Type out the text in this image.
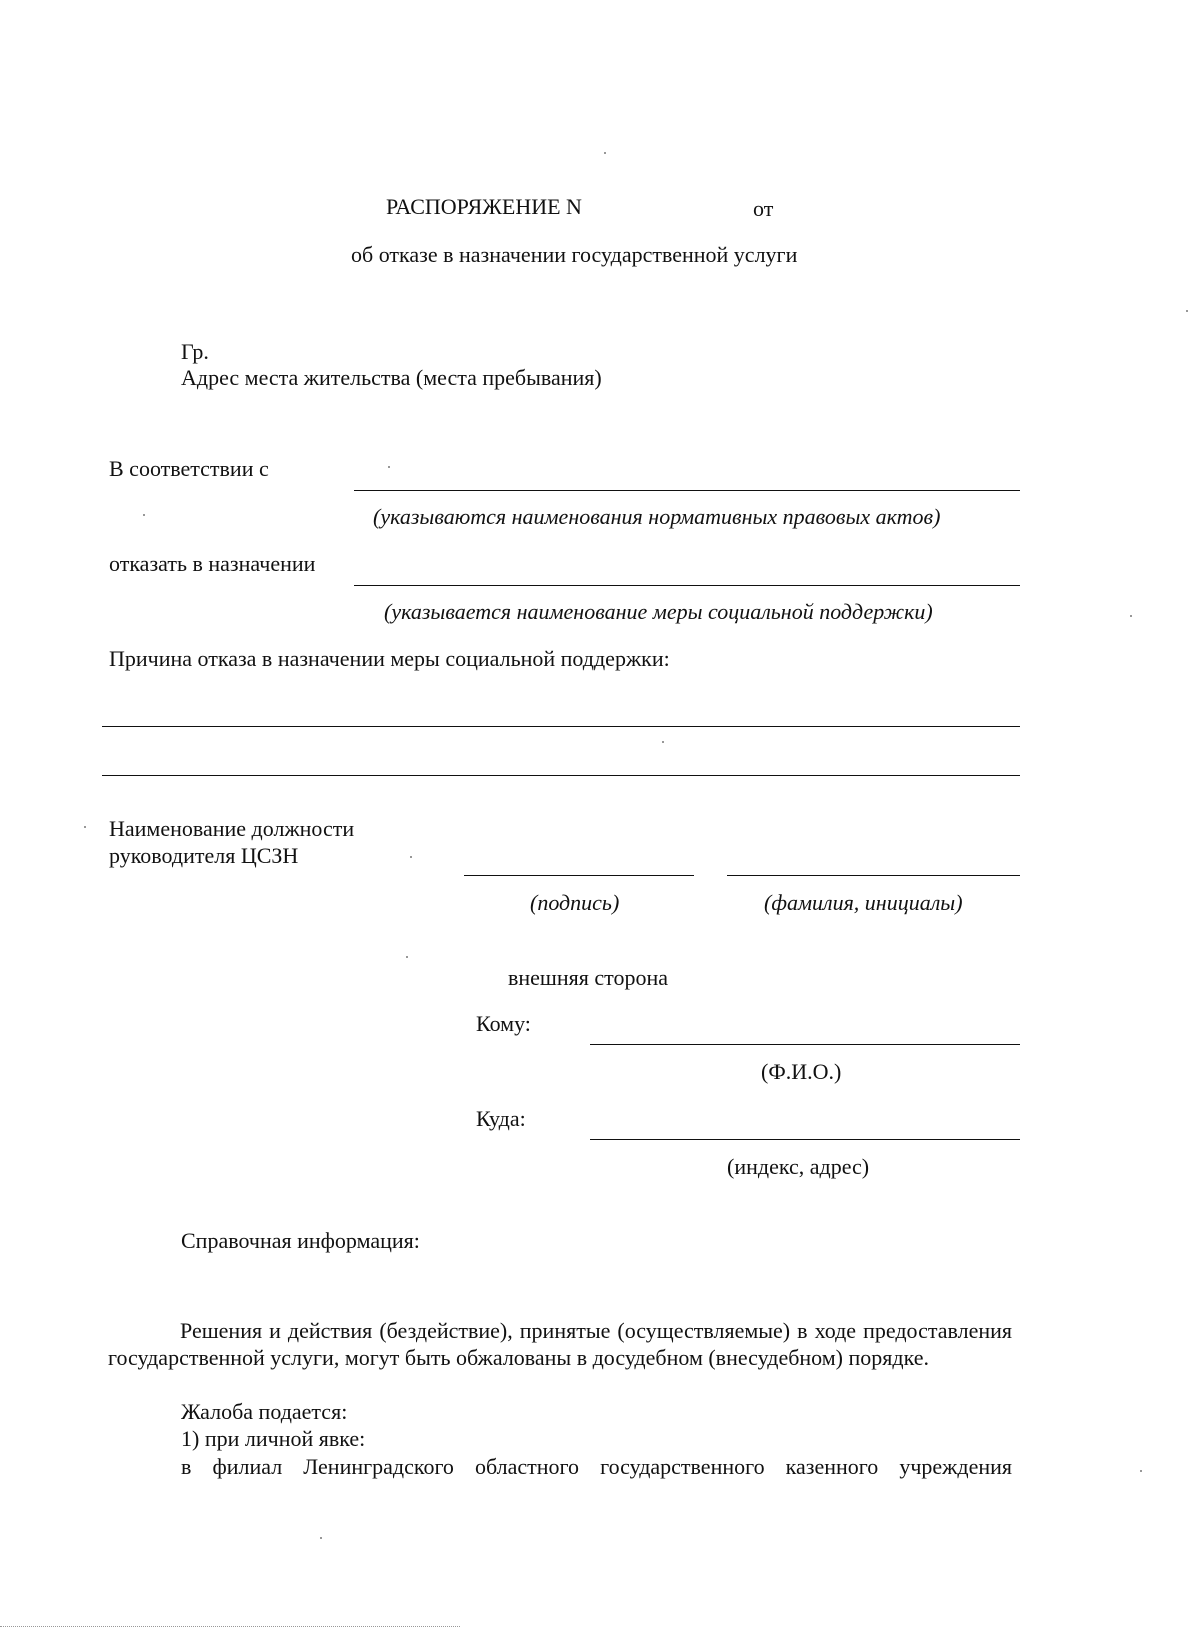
РАСПОРЯЖЕНИЕ N	от
об отказе в назначении государственной услуги
Гр.
Адрес места жительства (места пребывания)
В соответствии с
(указываются наименования нормативных правовых актов)
отказать в назначении
(указывается наименование меры социальной поддержки)
Причина отказа в назначении меры социальной поддержки:
Наименование должности
руководителя ЦСЗН
(подпись)	(фамилия, инициалы)
внешняя сторона
Кому:
(Ф.И.О.)
Куда:
(индекс, адрес)
Справочная информация:
Решения и действия (бездействие), принятые (осуществляемые) в ходе предоставления государственной услуги, могут быть обжалованы в досудебном (внесудебном) порядке.
Жалоба подается:
1) при личной явке:
в филиал Ленинградского областного государственного казенного учреждения
